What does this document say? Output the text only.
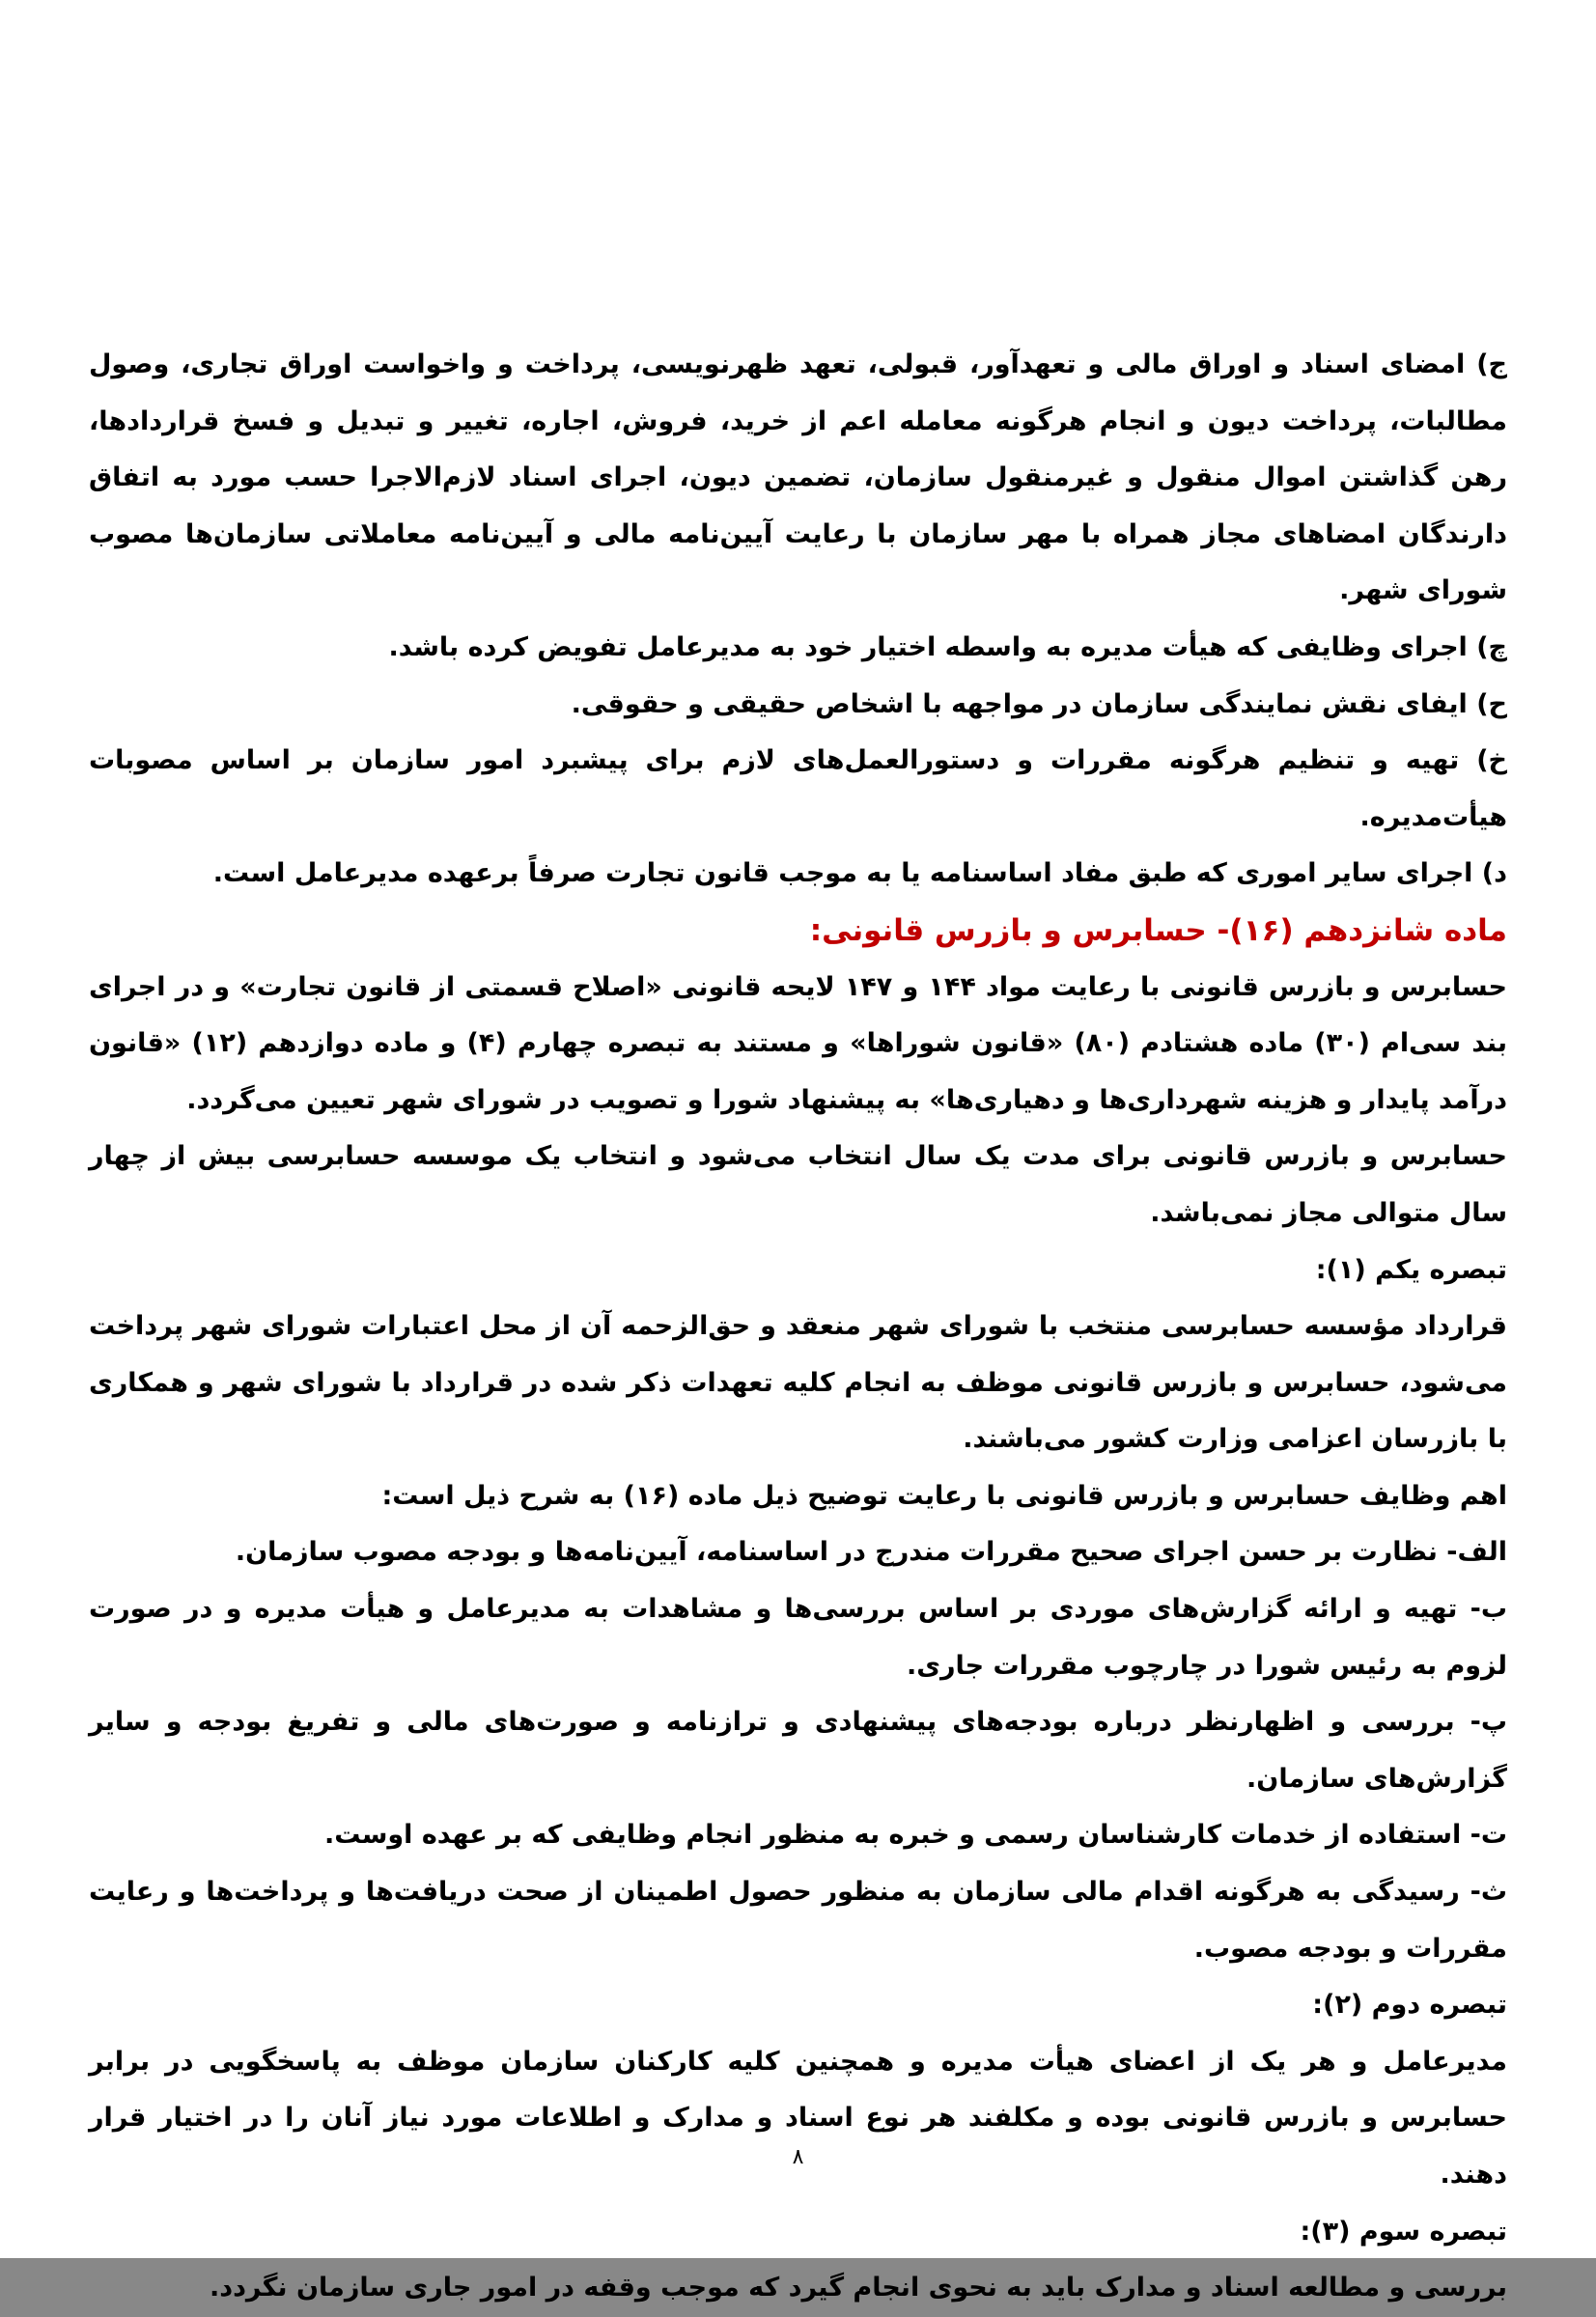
ج) امضای اسناد و اوراق مالی و تعهدآور، قبولی، تعهد ظهرنویسی، پرداخت و واخواست اوراق تجاری، وصول مطالبات، پرداخت دیون و انجام هرگونه معامله اعم از خرید، فروش، اجاره، تغییر و تبدیل و فسخ قراردادها، رهن گذاشتن اموال منقول و غیرمنقول سازمان، تضمین دیون، اجرای اسناد لازم‌الاجرا حسب مورد به اتفاق دارندگان امضاهای مجاز همراه با مهر سازمان با رعایت آیین‌نامه مالی و آیین‌نامه معاملاتی سازمان‌ها مصوب شورای شهر.

چ) اجرای وظایفی که هیأت مدیره به واسطه اختیار خود به مدیرعامل تفویض کرده باشد.

ح) ایفای نقش نمایندگی سازمان در مواجهه با اشخاص حقیقی و حقوقی.

خ) تهیه و تنظیم هرگونه مقررات و دستورالعمل‌های لازم برای پیشبرد امور سازمان بر اساس مصوبات هیأت‌مدیره.

د) اجرای سایر اموری که طبق مفاد اساسنامه یا به موجب قانون تجارت صرفاً برعهده مدیرعامل است.

ماده شانزدهم (۱۶)- حسابرس و بازرس قانونی:

حسابرس و بازرس قانونی با رعایت مواد ۱۴۴ و ۱۴۷ لایحه قانونی «اصلاح قسمتی از قانون تجارت» و در اجرای بند سی‌ام (۳۰) ماده هشتادم (۸۰) «قانون شوراها» و مستند به تبصره چهارم (۴) و ماده دوازدهم (۱۲) «قانون درآمد پایدار و هزینه شهرداری‌ها و دهیاری‌ها» به پیشنهاد شورا و تصویب در شورای شهر تعیین می‌گردد.

حسابرس و بازرس قانونی برای مدت یک سال انتخاب می‌شود و انتخاب یک موسسه حسابرسی بیش از چهار سال متوالی مجاز نمی‌باشد.

تبصره یکم (۱):

قرارداد مؤسسه حسابرسی منتخب با شورای شهر منعقد و حق‌الزحمه آن از محل اعتبارات شورای شهر پرداخت می‌شود، حسابرس و بازرس قانونی موظف به انجام کلیه تعهدات ذکر شده در قرارداد با شورای شهر و همکاری با بازرسان اعزامی وزارت کشور می‌باشند.

اهم وظایف حسابرس و بازرس قانونی با رعایت توضیح ذیل ماده (۱۶) به شرح ذیل است:

الف- نظارت بر حسن اجرای صحیح مقررات مندرج در اساسنامه، آیین‌نامه‌ها و بودجه مصوب سازمان.

ب- تهیه و ارائه گزارش‌های موردی بر اساس بررسی‌ها و مشاهدات به مدیرعامل و هیأت مدیره و در صورت لزوم به رئیس شورا در چارچوب مقررات جاری.

پ- بررسی و اظهارنظر درباره بودجه‌های پیشنهادی و ترازنامه و صورت‌های مالی و تفریغ بودجه و سایر گزارش‌های سازمان.

ت- استفاده از خدمات کارشناسان رسمی و خبره به منظور انجام وظایفی که بر عهده اوست.

ث- رسیدگی به هرگونه اقدام مالی سازمان به منظور حصول اطمینان از صحت دریافت‌ها و پرداخت‌ها و رعایت مقررات و بودجه مصوب.

تبصره دوم (۲):

مدیرعامل و هر یک از اعضای هیأت مدیره و همچنین کلیه کارکنان سازمان موظف به پاسخگویی در برابر حسابرس و بازرس قانونی بوده و مکلفند هر نوع اسناد و مدارک و اطلاعات مورد نیاز آنان را در اختیار قرار دهند.

تبصره سوم (۳):

بررسی و مطالعه اسناد و مدارک باید به نحوی انجام گیرد که موجب وقفه در امور جاری سازمان نگردد.

۸
